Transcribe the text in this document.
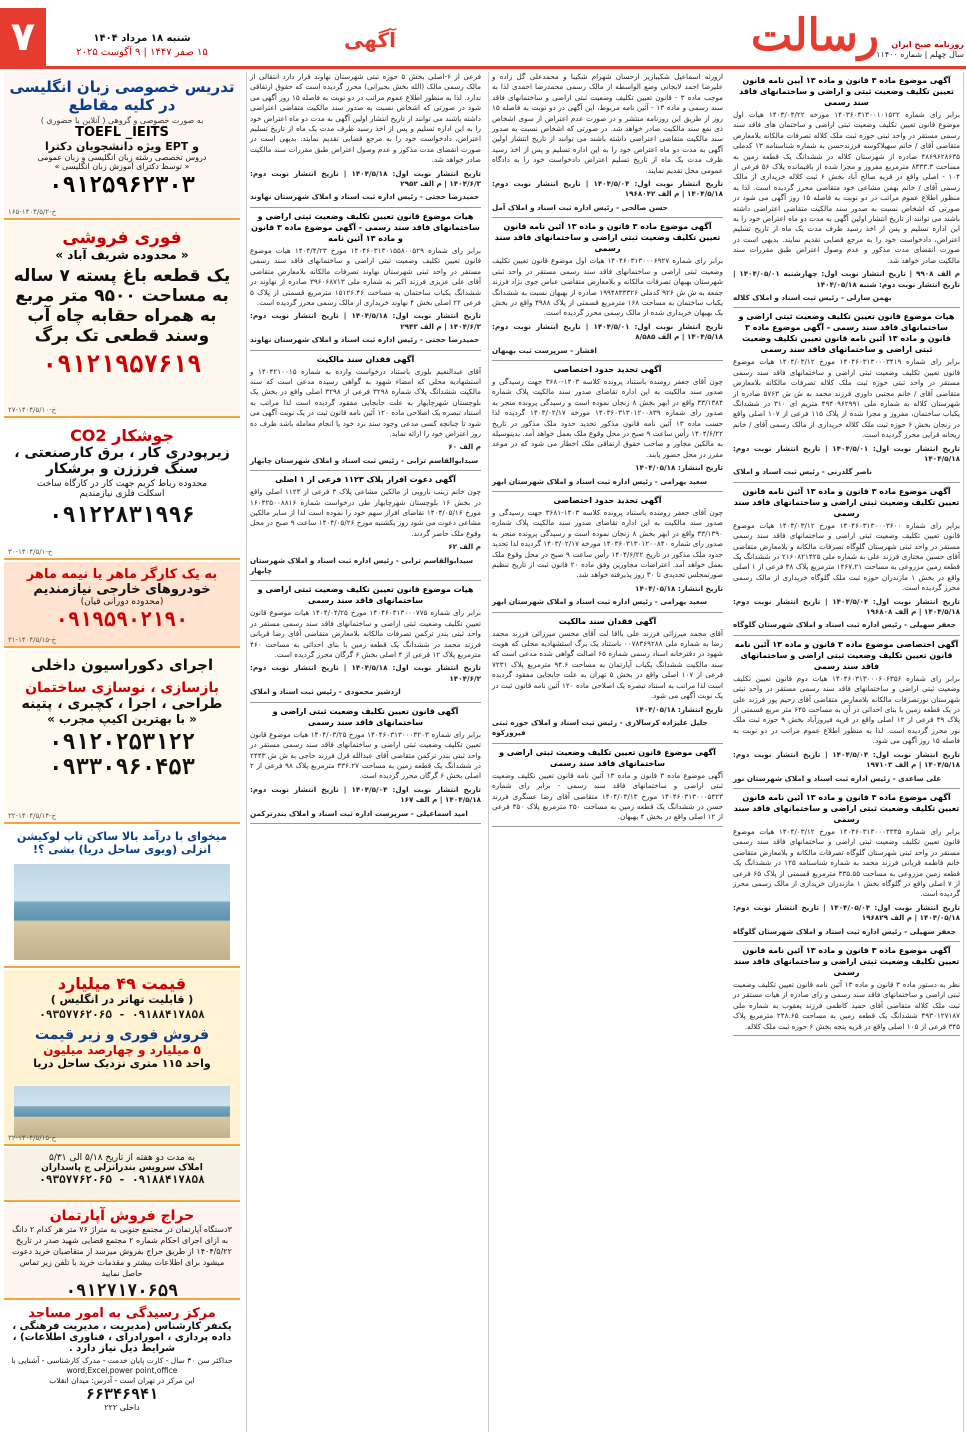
۷	شنبه ۱۸ مرداد ۱۴۰۴
۱۵ صفر ۱۴۴۷ | ۹ آگوست ۲۰۲۵
آگهی	رسالت	روزنامه صبح ایران
سال چهلم | شماره ۱۱۴۰۰
آگهی موضوع ماده ۳ قانون و ماده ۱۳ آیین نامه قانون تعیین تکلیف وضعیت ثبتی و اراضی و ساختمانهای فاقد سند رسمی

برابر رای شماره ۱۴۰۳۶۰۳۱۳۰۰۱۰۱۵۲۲ مورخه ۱۴۰۳/۰۴/۲۲ هیات اول موضوع قانون تعیین تکلیف وضعیت ثبتی اراضی و ساختمان های فاقد سند رسمی مستقر در واحد ثبتی حوزه ثبت ملک کلاله تصرفات مالکانه بلامعارض متقاضی آقای / خانم سهیلاکوسه فرزندحسن به شماره شناسنامه ۱۳ کدملی ۴۸۶۹۶۲۸۶۳۵ صادره از شهرستان کلاله در ششدانگ یک قطعه زمین به مساحت ۸۳۳۳.۳ مترمربع مفروز و مجزا شده از باقیمانده پلاک ۵۶ فرعی از ۱۰۴ - اصلی واقع در قریه صالح آباد بخش ۶ ثبت کلاله خریداری از مالک رسمی آقای / خانم بهمن مشاعی خود متقاضی محرز گردیده است. لذا به منظور اطلاع عموم مراتب در دو نوبت به فاصله ۱۵ روز آگهی می شود در صورتی که اشخاص نسبت به صدور سند مالکیت متقاضی اعتراضی داشته باشند می توانند از تاریخ انتشار اولین آگهی به مدت دو ماه اعتراض خود را به این اداره تسلیم و پس از اخذ رسید ظرف مدت یک ماه از تاریخ تسلیم اعتراض، دادخواست خود را به مرجع قضایی تقدیم نمایند. بدیهی است در صورت انقضای مدت مذکور و عدم وصول اعتراض طبق مقررات سند مالکیت صادر خواهد شد.

م الف ۹۹۰۸ | تاریخ انتشار نوبت اول: چهارشنبه ۱۴۰۴/۰۵/۰۱ | تاریخ انتشار نوبت دوم: شنبه ۱۴۰۴/۰۵/۱۸

بهمن سارلی - رئیس ثبت اسناد و املاک کلاله
هیات موضوع قانون تعیین تکلیف وضعیت ثبتی اراضی و ساختمانهای فاقد سند رسمی - آگهی موضوع ماده ۳ قانون و ماده ۱۳ آئین نامه قانون تعیین تکلیف وضعیت ثبتی اراضی و ساختمانهای فاقد سند رسمی

برابر رای شماره ۱۴۰۴۶۰۳۱۳۰۰۰۳۴۱۹ مورخ ۱۴۰۴/۰۳/۱۲ هیات موضوع قانون تعیین تکلیف وضعیت ثبتی اراضی و ساختمانهای فاقد سند رسمی مستقر در واحد ثبتی حوزه ثبت ملک کلاله تصرفات مالکانه بلامعارض متقاضی آقای / خانم مجتبی داوری فرزند محمد به ش ش ۵۷۶۳ صادره از شهرستان کلاله به شماره ملی ۴۹۴۰۹۶۲۹۹۱ متریم ای ۳۱۰ در ششدانگ یکباب ساختمان، مفروز و مجزا شده از پلاک ۱۱۵ فرعی از ۱۰۷ اصلی واقع در زنجان بخش ۶ حوزه ثبت ملک کلاله خریداری از مالک رسمی آقای / خانم ریحانه قرایی محرز گردیده است.

تاریخ انتشار نوبت اول: ۱۴۰۴/۵/۰۱ | تاریخ انتشار نوبت دوم: ۱۴۰۴/۵/۱۸

ناصر گلدرنی - رئیس ثبت اسناد و املاک
آگهی موضوع ماده ۳ قانون و ماده ۱۳ آئین نامه قانون تعیین تکلیف وضعیت ثبتی اراضی و ساختمانهای فاقد سند رسمی

برابر رای شماره ۱۴۰۴۶۰۳۱۳۰۰۰۳۶۰۰ مورخ ۱۴۰۴/۰۳/۱۲ هیات موضوع قانون تعیین تکلیف وضعیت ثبتی اراضی و ساختمانهای فاقد سند رسمی مستقر در واحد ثبتی شهرستان گلوگاه تصرفات مالکانه و بلامعارض متقاضی آقای حسین مختاری فرزند علی به شماره ملی ۲۱۶۰۸۲۱۴۲۵ در ششدانگ یک قطعه زمین مزروعی به مساحت ۱۴۶۷.۲۱ مترمربع پلاک ۴۸ فرعی از ۱ اصلی واقع در بخش ۱ مازندران حوزه ثبت ملک گلوگاه خریداری از مالک رسمی محرز گردیده است.

تاریخ انتشار نوبت اول: ۱۴۰۴/۵/۰۴ | تاریخ انتشار نوبت دوم: ۱۴۰۴/۵/۱۸ | م الف ۱۹۶۸۰۸

جعفر سهیلی - رئیس اداره ثبت اسناد و املاک شهرستان گلوگاه
آگهی اختصاصی موضوع ماده ۳ قانون و ماده ۱۳ آئین نامه قانون تعیین تکلیف وضعیت ثبتی اراضی و ساختمانهای فاقد سند رسمی

برابر رای شماره ۱۴۰۴۶۰۳۱۳۰۰۰۶۰۶۳۵۶ هیات دوم قانون تعیین تکلیف وضعیت ثبتی اراضی و ساختمانهای فاقد سند رسمی مستقر در واحد ثبتی شهرستان نورتصرفات مالکانه بلامعارض متقاضی آقای رحیم پور فرزند علی در یک قطعه زمین با بنای احداثی در آن به مساحت ۶۴۵ متر مربع قسمتی از پلاک ۴۹ فرعی از ۱۲ اصلی واقع در قریه فیروزآباد بخش ۹ حوزه ثبت ملک نور محرز گردیده است. لذا به منظور اطلاع عموم مراتب در دو نوبت به فاصله ۱۵ روز آگهی می شود.

تاریخ انتشار نوبت اول: ۱۴۰۴/۵/۰۴ | تاریخ انتشار نوبت دوم: ۱۴۰۴/۵/۱۸ | م الف ۱۹۷۱۰۳

علی ساعدی - رئیس اداره ثبت اسناد و املاک شهرستان نور
آگهی موضوع ماده ۳ قانون و ماده ۱۳ آئین نامه قانون تعیین تکلیف وضعیت ثبتی اراضی و ساختمانهای فاقد سند رسمی

برابر رای شماره ۱۴۰۴۶۰۳۱۳۰۰۰۴۳۳۵ مورخ ۱۴۰۴/۰۳/۱۲ هیات موضوع قانون تعیین تکلیف وضعیت ثبتی اراضی و ساختمانهای فاقد سند رسمی مستقر در واحد ثبتی شهرستان گلوگاه تصرفات مالکانه و بلامعارض متقاضی خانم فاطمه قربانی فرزند محمد به شماره شناسنامه ۱۲۵ در ششدانگ یک قطعه زمین مزروعی به مساحت ۳۳۵.۵۵ مترمربع قسمتی از پلاک ۶۵ فرعی از ۷ اصلی واقع در گلوگاه بخش ۱ مازندران خریداری از مالک رسمی محرز گردیده است.

تاریخ انتشار نوبت اول: ۱۴۰۴/۰۵/۰۴ | تاریخ انتشار نوبت دوم: ۱۴۰۴/۰۵/۱۸ | م الف ۱۹۶۸۲۹

جعفر سهیلی - رئیس اداره ثبت اسناد و املاک شهرستان گلوگاه
آگهی موضوع ماده ۳ قانون و ماده ۱۳ آئین نامه قانون تعیین تکلیف وضعیت ثبتی اراضی و ساختمانهای فاقد سند رسمی

نظر به دستور ماده ۳ قانون و ماده ۱۳ آئین نامه قانون تعیین تکلیف وضعیت ثبتی اراضی و ساختمانهای فاقد سند رسمی و رای صادره از هیات مستقر در ثبت ملک کلاله متقاضی آقای حمید کاظمی فرزند یعقوب به شماره ملی ۴۹۳۰۱۲۷۱۸۷ ششدانگ یک قطعه زمین به مساحت ۲۴۸.۶۵ مترمربع پلاک ۳۴۵ فرعی از ۱۰۵ اصلی واقع در قریه پنجه بخش ۶ حوزه ثبت ملک کلاله.

ازورثه اسماعیل شکیبازیر ارحسان شهرام شکیبا و محمدعلی گل زاده و علیرضا احمد لایجانی وضع الواسطه از مالک رسمی محمدرضا احمدی لذا به موجب ماده ۳ - قانون تعیین تکلیف وضعیت ثبتی اراضی و ساختمانهای فاقد سند رسمی و ماده ۱۳ - آئین نامه مربوط، این آگهی در دو نوبت به فاصله ۱۵ روز از طریق این روزنامه منتشر و در صورت عدم اعتراض از سوی اشخاص ذی نفع سند مالکیت صادر خواهد شد. در صورتی که اشخاص نسبت به صدور سند مالکیت متقاضی اعتراضی داشته باشند می توانند از تاریخ انتشار اولین آگهی به مدت دو ماه اعتراض خود را به این اداره تسلیم و پس از اخذ رسید ظرف مدت یک ماه از تاریخ تسلیم اعتراض دادخواست خود را به دادگاه عمومی محل تقدیم نمایند.

تاریخ انتشار نوبت اول: ۱۴۰۴/۵/۰۴ | تاریخ انتشار نوبت دوم: ۱۴۰۴/۵/۱۸ | م الف ۱۹۶۸۰۴۲

حسن صالحی - رئیس اداره ثبت اسناد و املاک آمل
آگهی موضوع ماده ۳ قانون و ماده ۱۳ آئین نامه قانون تعیین تکلیف وضعیت ثبتی اراضی و ساختمانهای فاقد سند رسمی

برابر رای شماره ۱۴۰۴۶۰۳۱۳۰۰۰۶۹۲۷ هیات اول موضوع قانون تعیین تکلیف وضعیت ثبتی اراضی و ساختمانهای فاقد سند رسمی مستقر در واحد ثبتی شهرستان بهبهان تصرفات مالکانه و بلامعارض متقاضی عباس جوی نژاد فرزند جمعه به ش ش ۹۲۶ کدملی ۱۹۹۴۸۳۳۳۲۶ صادره از بهبهان نسبت به ششدانگ یکباب ساختمان به مساحت ۱۶۸ مترمربع قسمتی از پلاک ۴۹۸۸ واقع در بخش یک بهبهان خریداری شده از مالک رسمی محرز گردیده است.

تاریخ انتشار نوبت اول: ۱۴۰۴/۵/۰۱ | تاریخ انتشار نوبت دوم: ۱۴۰۴/۵/۱۸ | م الف ۸/۵۸۵

افشار - سرپرست ثبت بهبهان
آگهی تحدید حدود اختصاصی

چون آقای جعفر رومنده باستناد پرونده کلاسه ۱۴۰۳-۳۶۸۰ جهت رسیدگی و صدور سند مالکیت به این اداره تقاضای صدور سند مالکیت پلاک شماره ۳۳/۱۳۸۴ واقع در ابهر بخش ۸ زنجان نموده است و رسیدگی پرونده منجر به صدور رای شماره ۱۴۰۳۶۰۳۱۳۰۱۲۰۰۸۳۹ مورخه ۱۴۰۳/۰۲/۱۷ گردیده لذا حسب ماده ۱۳ آئین نامه قانون مذکور تحدید حدود ملک مذکور در تاریخ ۱۴۰۴/۶/۲۲ رأس ساعت ۹ صبح در محل وقوع ملک بعمل خواهد آمد. بدینوسیله به مالکین مجاور و صاحب حقوق ارتفاقی ملک اخطار می شود که در موعد مقرر در محل حضور یابند.

تاریخ انتشار: ۱۴۰۴/۰۵/۱۸

سعید بهرامی - رئیس اداره ثبت اسناد و املاک شهرستان ابهر
آگهی تحدید حدود اختصاصی

چون آقای جعفر رومنده باستناد پرونده کلاسه ۱۴۰۳-۳۶۸۱ جهت رسیدگی و صدور سند مالکیت به این اداره تقاضای صدور سند مالکیت پلاک شماره ۳۳/۱۳۹۰ واقع در ابهر بخش ۸ زنجان نموده است و رسیدگی پرونده منجر به صدور رای شماره ۱۴۰۳۶۰۳۱۳۰۱۲۰۰۸۴۰ مورخه ۱۴۰۳/۰۲/۱۷ گردیده لذا تحدید حدود ملک مذکور در تاریخ ۱۴۰۴/۶/۲۲ رأس ساعت ۹ صبح در محل وقوع ملک بعمل خواهد آمد. اعتراضات مجاورین وفق ماده ۲۰ قانون ثبت از تاریخ تنظیم صورتمجلس تحدیدی تا ۳۰ روز پذیرفته خواهد شد.

تاریخ انتشار: ۱۴۰۴/۰۵/۱۸

سعید بهرامی - رئیس اداره ثبت اسناد و املاک شهرستان ابهر
آگهی فقدان سند مالکیت

آقای محمد میرزائی فرزند علی بااقا لت آقای محسن میرزائی فرزند محمد رضا به شماره ملی ۰۰۷۸۳۶۹۲۸۸ باستناد یک برگ استشهادیه محلی که هویت شهود در دفترخانه اسناد رسمی شماره ۶۵ اصالت گواهی شده مدعی است که سند مالکیت ششدانگ یکباب آپارتمان به مساحت ۹۴.۶ مترمربع پلاک ۷۲۳۱ فرعی از ۱۰۷ اصلی واقع در بخش ۵ تهران به علت جابجایی مفقود گردیده است لذا مراتب به استناد تبصره یک اصلاحی ماده ۱۲۰ آئین نامه قانون ثبت در یک نوبت آگهی می شود.

تاریخ انتشار: ۱۴۰۴/۰۵/۱۸

جلیل علیزاده کرسالاری - رئیس ثبت اسناد و املاک حوزه ثبتی فیروزکوه
آگهی موضوع قانون تعیین تکلیف وضعیت ثبتی اراضی و ساختمانهای فاقد سند رسمی

آگهی موضوع ماده ۳ قانون و ماده ۱۳ آئین نامه قانون تعیین تکلیف وضعیت ثبتی اراضی و ساختمانهای فاقد سند رسمی - برابر رای شماره ۱۴۰۴۶۰۳۱۳۰۰۰۵۴۲۳ مورخ ۱۴۰۴/۰۳/۱۳ متقاضی آقای رضا عسگری فرزند حسن در ششدانگ یک قطعه زمین به مساحت ۲۵۰ مترمربع پلاک ۳۵۰ فرعی از ۱۲ اصلی واقع در بخش ۴ بهبهان.

فرعی از ۶-اصلی بخش ۵ حوزه ثبتی شهرستان نهاوند قرار دارد انتقالی از مالک رسمی مالک (الله بخش بجیرانی) محرز گردیده است که حقوق ارتفاقی ندارد. لذا به منظور اطلاع عموم مراتب در دو نوبت به فاصله ۱۵ روز آگهی می شود در صورتی که اشخاص نسبت به صدور سند مالکیت متقاضی اعتراضی داشته باشند می توانند از تاریخ انتشار اولین آگهی به مدت دو ماه اعتراض خود را به این اداره تسلیم و پس از اخذ رسید ظرف مدت یک ماه از تاریخ تسلیم اعتراض، دادخواست خود را به مرجع قضایی تقدیم نمایند. بدیهی است در صورت انقضای مدت مذکور و عدم وصول اعتراض طبق مقررات سند مالکیت صادر خواهد شد.

تاریخ انتشار نوبت اول: ۱۴۰۴/۵/۱۸ | تاریخ انتشار نوبت دوم: ۱۴۰۴/۶/۳ | م الف ۲۹۵۲

حمیدرضا حجتی - رئیس اداره ثبت اسناد و املاک شهرستان نهاوند
هیات موضوع قانون تعیین تکلیف وضعیت ثبتی اراضی و ساختمانهای فاقد سند رسمی - آگهی موضوع ماده ۳ قانون و ماده ۱۳ آئین نامه

برابر رای شماره ۱۴۰۴۶۰۳۱۳۰۱۵۵۸۰۰۵۲۹ مورخ ۱۴۰۴/۴/۲۳ هیات موضوع قانون تعیین تکلیف وضعیت ثبتی اراضی و ساختمانهای فاقد سند رسمی مستقر در واحد ثبتی شهرستان نهاوند تصرفات مالکانه بلامعارض متقاضی آقای علی عزیزی فرزند اکبر به شماره ملی ۳۹۶۰۶۸۷۱۳ صادره از نهاوند در ششدانگ یکباب ساختمان به مساحت ۱۵۱۲۶.۴۶ مترمربع قسمتی از پلاک ۵ فرعی ۲۲ اصلی بخش ۴ نهاوند خریداری از مالک رسمی محرز گردیده است.

تاریخ انتشار نوبت اول: ۱۴۰۴/۵/۱۸ | تاریخ انتشار نوبت دوم: ۱۴۰۴/۶/۳ | م الف ۲۹۴۳

حمیدرضا حجتی - رئیس اداره ثبت اسناد و املاک شهرستان نهاوند
آگهی فقدان سند مالکیت

آقای عبدالنعیم بلوری باستناد درخواست وارده به شماره ۱۴۰۴۲۱۰۰۱۵ و استشهادیه محلی که امضاء شهود به گواهی رسیده مدعی است که سند مالکیت ششدانگ پلاک شماره ۳۲۹۸ فرعی از ۳۲۹۸ اصلی واقع در بخش یک بلوچستان شهرچابهار به علت جابجایی مفقود گردیده است لذا مراتب به استناد تبصره یک اصلاحی ماده ۱۲۰ آئین نامه قانون ثبت در یک نوبت آگهی می شود تا چنانچه کسی مدعی وجود سند نزد خود یا انجام معامله باشد ظرف ده روز اعتراض خود را ارائه نماید.

م الف ۶۰

سیدابوالقاسم ترابی - رئیس ثبت اسناد و املاک شهرستان چابهار
آگهی دعوت افراز پلاک ۱۱۲۳ فرعی از ۱ اصلی

چون خانم زینب نارویی از مالکین مشاعی پلاک ۳ فرعی از ۱۱۲۳ اصلی واقع در بخش ۱۶ بلوچستان شهرچابهار طی درخواست شماره ۱۶۰۴۲۵۰۰۸۸۱۶ مورخ ۱۴۰۴/۰۵/۱۶ تقاضای افراز سهم خود را نموده است لذا از سایر مالکین مشاعی دعوت می شود روز یکشنبه مورخ ۱۴۰۴/۰۵/۲۶ ساعت ۹ صبح در محل وقوع ملک حاضر گردند.

م الف ۶۲

سیدابوالقاسم ترابی - رئیس اداره ثبت اسناد و املاک شهرستان چابهار
هیات موضوع قانون تعیین تکلیف وضعیت ثبتی اراضی و ساختمانهای فاقد سند رسمی

برابر رای شماره ۱۴۰۴۶۰۳۱۳۰۰۰۷۷۵ مورخ ۱۴۰۴/۰۴/۲۵ هیات موضوع قانون تعیین تکلیف وضعیت ثبتی اراضی و ساختمانهای فاقد سند رسمی مستقر در واحد ثبتی بندر ترکمن تصرفات مالکانه بلامعارض متقاضی آقای رضا قربانی فرزند محمد در ششدانگ یک قطعه زمین با بنای احداثی به مساحت ۴۶۰ مترمربع پلاک ۱۲ فرعی از ۴ اصلی بخش ۶ گرگان محرز گردیده است.

تاریخ انتشار نوبت اول: ۱۴۰۴/۵/۱۸ | تاریخ انتشار نوبت دوم: ۱۴۰۴/۶/۲

اردشیر محمودی - رئیس ثبت اسناد و املاک
آگهی قانون تعیین تکلیف وضعیت ثبتی اراضی و ساختمانهای فاقد سند رسمی

برابر رای شماره ۱۴۰۴۶۰۳۱۳۰۰۰۳۲۰۳ مورخ ۱۴۰۴/۰۳/۲۵ هیات موضوع قانون تعیین تکلیف وضعیت ثبتی اراضی و ساختمانهای فاقد سند رسمی مستقر در واحد ثبتی بندر ترکمن متقاضی آقای عبدالله قزل فرزند حاجی به ش ش ۲۴۴۳ در ششدانگ یک قطعه زمین به مساحت ۳۳۶.۲۷ مترمربع پلاک ۹۸ فرعی از ۲ اصلی بخش ۶ گرگان محرز گردیده است.

تاریخ انتشار نوبت اول: ۱۴۰۴/۵/۰۴ | تاریخ انتشار نوبت دوم: ۱۴۰۴/۵/۱۸ | م الف ۱۶۷

امید اسماعیلی - سرپرست اداره ثبت اسناد و املاک بندرترکمن
تدریس خصوصی زبان انگلیسی
در کلیه مقاطع
به صورت خصوصی و گروهی ( آنلاین یا حضوری )
TOEFL _IEITS
و EPT ویژه دانشجویان دکترا
دروس تخصصی رشته زبان انگلیسی و زبان عمومی
« توسط دکترای آموزش زبان انگلیسی »
۰۹۱۲۵۹۶۲۳۰۳
خ-۱۴۰۴/۵/۲-۱۶۵
فوری فروشی
« محدوده شریف آباد »
یک قطعه باغ پسته ۷ ساله
به مساحت ۹۵۰۰ متر مربع
به همراه حقابه چاه آب
وسند قطعی تک برگ
۰۹۱۲۱۹۵۷۶۱۹
خ-۱۴۰۴/۵/۱۰-۲۷
جوشکار CO2
زیرپودری کار ، برق کارصنعتی ،
سنگ فرززن و برشکار
محدوده رباط کریم جهت کار در کارگاه ساخت
اسکلت فلزی نیازمندیم
۰۹۱۲۲۸۳۱۹۹۶
خ-۱۴۰۴/۵/۱-۳۰
به یک کارگر ماهر یا نیمه ماهر
خودروهای خارجی نیازمندیم
(محدوده دورانی قیان)
۰۹۱۹۵۹۰۲۱۹۰
خ-۱۴۰۴/۵/۱۵-۳۱
اجرای دکوراسیون داخلی
بازسازی ، نوسازی ساختمان
طراحی ، اجرا ، کچبری ، پتینه
« با بهترین اکیپ مجرب »
۰۹۱۲۰۲۵۳۱۲۲
۰۹۳۳۰۹۶۰۴۵۳
خ-۱۴۰۴/۵/۱۴-۳۲
میخوای با درآمد بالا ساکن تاپ لوکیشن
انزلی (ویوی ساحل دریا) بشی ؟!
قیمت ۴۹ میلیارد
( قابلیت تهاتر در انگلیس )
۰۹۱۸۸۴۱۷۸۵۸ - ۰۹۳۵۷۷۶۲۰۶۵
فروش فوری و زیر قیمت
۵ میلیارد و چهارصد میلیون
واحد ۱۱۵ متری نزدیک ساحل دریا
خ-۱۴۰۴/۵/۱۵-۳۲
به مدت دو هفته از تاریخ ۵/۱۸ الی ۵/۳۱
املاک سرویس بندرانزلی ج پاسداران
۰۹۱۸۸۴۱۷۸۵۸ - ۰۹۳۵۷۷۶۲۰۶۵
حراج فروش آپارتمان
۳دستگاه آپارتمان در مجتمع جنوبی به متراژ ۷۶ متر هر کدام ۲ دانگ به ازای اجرای احکام شماره ۲ مجتمع قضایی شهید صدر در تاریخ ۱۴۰۴/۵/۲۲ از طریق حراج بفروش میرسد از متقاضیان خرید دعوت میشود برای اطلاعات بیشتر و مقدمات خرید با تلفن زیر تماس حاصل نمایید
۰۹۱۲۷۱۷۰۶۵۹
مرکز رسیدگی به امور مساجد
یکنفر کارشناس (مدیریت ، مدیریت فرهنگی ،
داده پردازی ، امورادرای ، فناوری اطلاعات) ،
شرایط ذیل نیاز دارد .
حداکثر سن ۳۰ سال - کارت پایان خدمت - مدرک کارشناسی - آشنایی با word,Excel,power point,office
این مرکز در تهران است - آدرس: میدان انقلاب
۶۶۳۴۶۹۴۱
داخلی ۲۲۲
